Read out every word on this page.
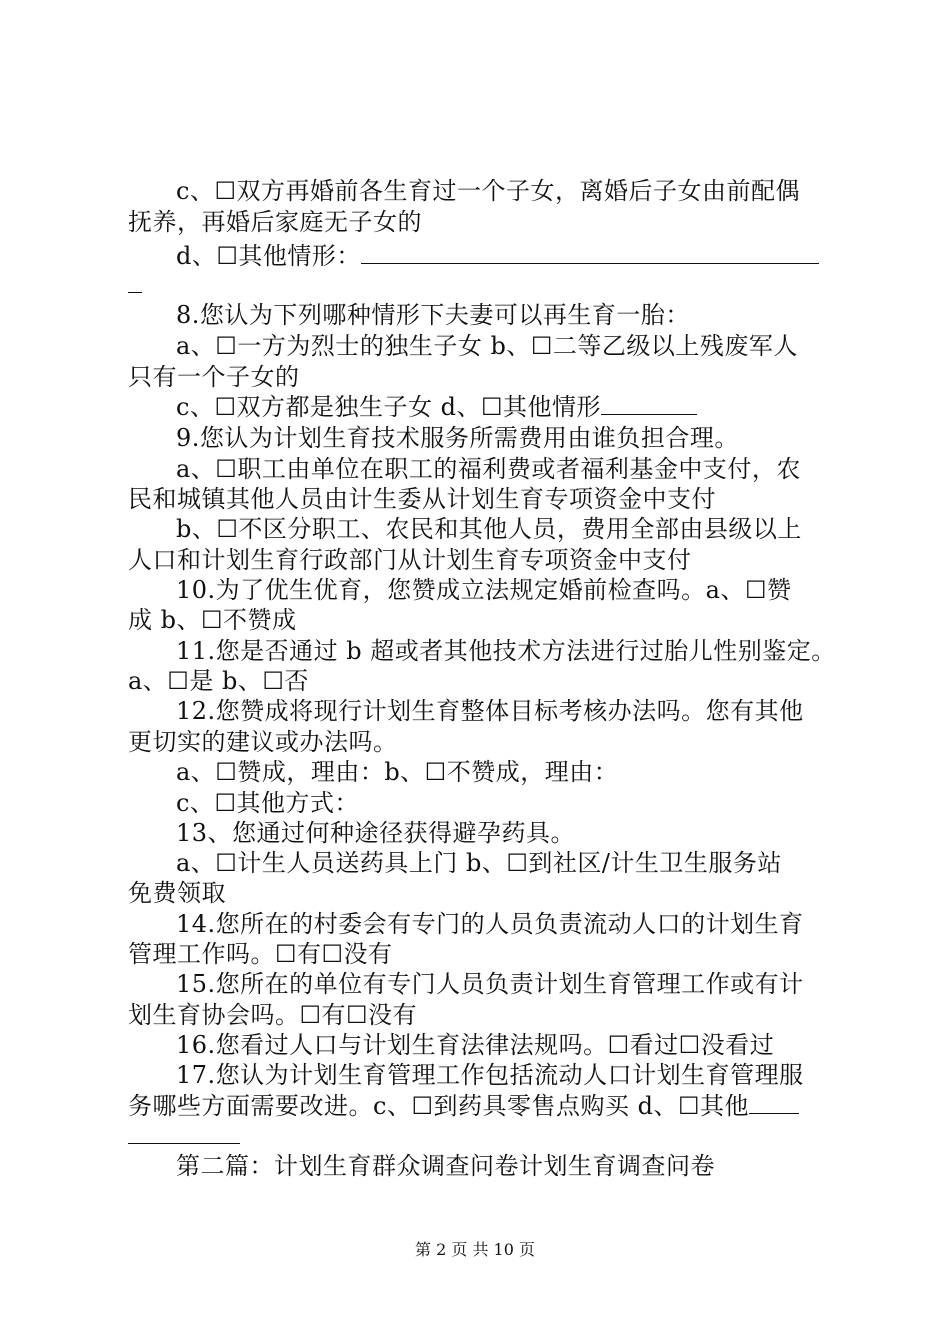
c、☐双方再婚前各生育过一个子女，离婚后子女由前配偶
抚养，再婚后家庭无子女的
d、☐其他情形：
8.您认为下列哪种情形下夫妻可以再生育一胎：
a、☐一方为烈士的独生子女 b、☐二等乙级以上残废军人
只有一个子女的
c、☐双方都是独生子女 d、☐其他情形
9.您认为计划生育技术服务所需费用由谁负担合理。
a、☐职工由单位在职工的福利费或者福利基金中支付，农
民和城镇其他人员由计生委从计划生育专项资金中支付
b、☐不区分职工、农民和其他人员，费用全部由县级以上
人口和计划生育行政部门从计划生育专项资金中支付
10.为了优生优育，您赞成立法规定婚前检查吗。a、☐赞
成 b、☐不赞成
11.您是否通过 b 超或者其他技术方法进行过胎儿性别鉴定。
a、☐是 b、☐否
12.您赞成将现行计划生育整体目标考核办法吗。您有其他
更切实的建议或办法吗。
a、☐赞成，理由：b、☐不赞成，理由：
c、☐其他方式：
13、您通过何种途径获得避孕药具。
a、☐计生人员送药具上门 b、☐到社区/计生卫生服务站
免费领取
14.您所在的村委会有专门的人员负责流动人口的计划生育
管理工作吗。☐有☐没有
15.您所在的单位有专门人员负责计划生育管理工作或有计
划生育协会吗。☐有☐没有
16.您看过人口与计划生育法律法规吗。☐看过☐没看过
17.您认为计划生育管理工作包括流动人口计划生育管理服
务哪些方面需要改进。c、☐到药具零售点购买 d、☐其他
第二篇：计划生育群众调查问卷计划生育调查问卷
第 2 页 共 10 页
